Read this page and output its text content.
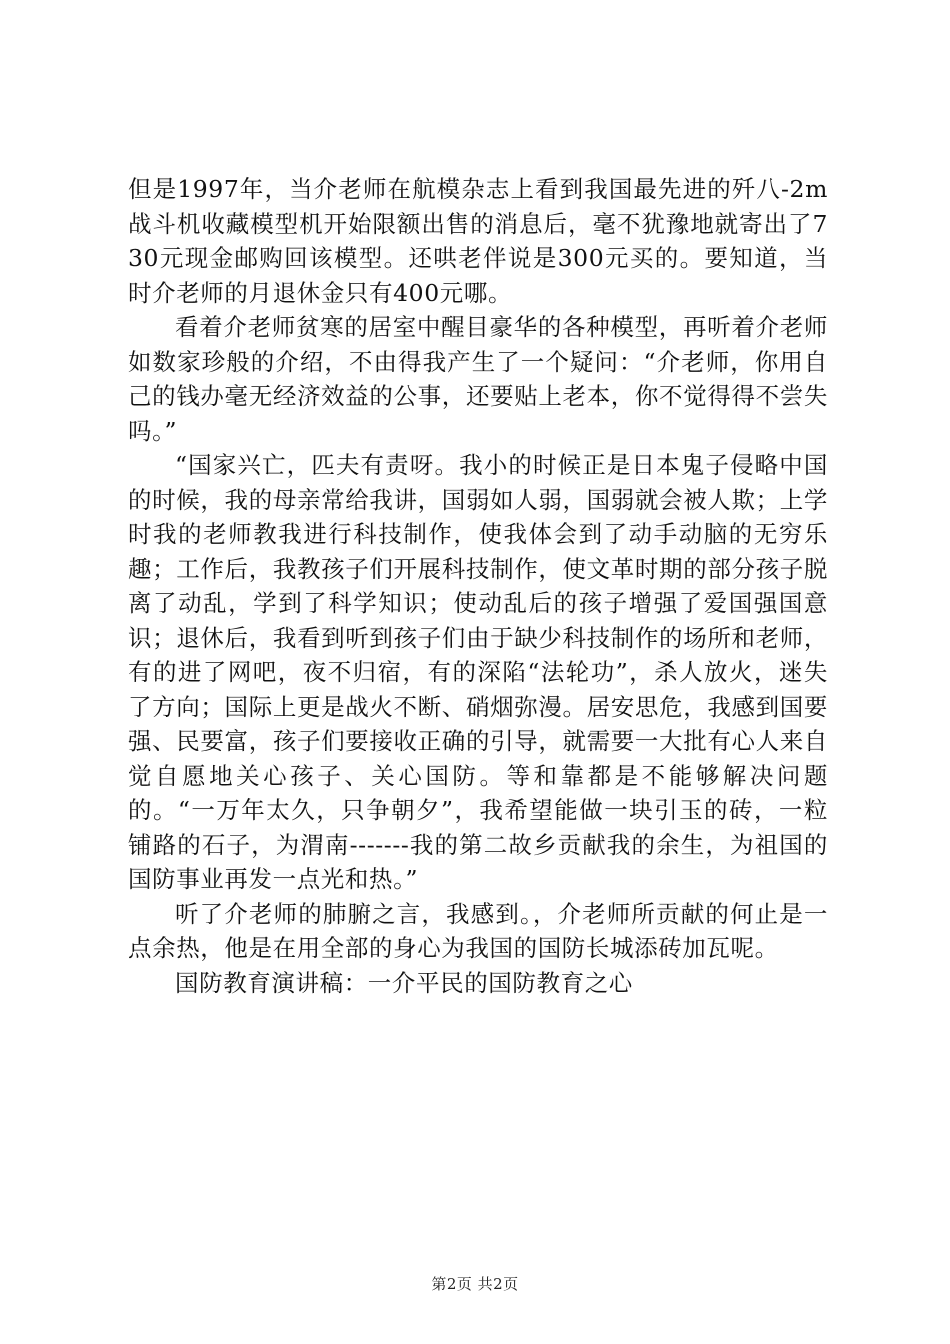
但是1997年，当介老师在航模杂志上看到我国最先进的歼八-2m战斗机收藏模型机开始限额出售的消息后，毫不犹豫地就寄出了730元现金邮购回该模型。还哄老伴说是300元买的。要知道，当时介老师的月退休金只有400元哪。

看着介老师贫寒的居室中醒目豪华的各种模型，再听着介老师如数家珍般的介绍，不由得我产生了一个疑问：“介老师，你用自己的钱办毫无经济效益的公事，还要贴上老本，你不觉得得不尝失吗。”

“国家兴亡，匹夫有责呀。我小的时候正是日本鬼子侵略中国的时候，我的母亲常给我讲，国弱如人弱，国弱就会被人欺；上学时我的老师教我进行科技制作，使我体会到了动手动脑的无穷乐趣；工作后，我教孩子们开展科技制作，使文革时期的部分孩子脱离了动乱，学到了科学知识；使动乱后的孩子增强了爱国强国意识；退休后，我看到听到孩子们由于缺少科技制作的场所和老师，有的进了网吧，夜不归宿，有的深陷“法轮功”，杀人放火，迷失了方向；国际上更是战火不断、硝烟弥漫。居安思危，我感到国要强、民要富，孩子们要接收正确的引导，就需要一大批有心人来自觉自愿地关心孩子、关心国防。等和靠都是不能够解决问题的。“一万年太久，只争朝夕”，我希望能做一块引玉的砖，一粒铺路的石子，为渭南-------我的第二故乡贡献我的余生，为祖国的国防事业再发一点光和热。”

听了介老师的肺腑之言，我感到。，介老师所贡献的何止是一点余热，他是在用全部的身心为我国的国防长城添砖加瓦呢。

国防教育演讲稿：一介平民的国防教育之心

第2页 共2页
